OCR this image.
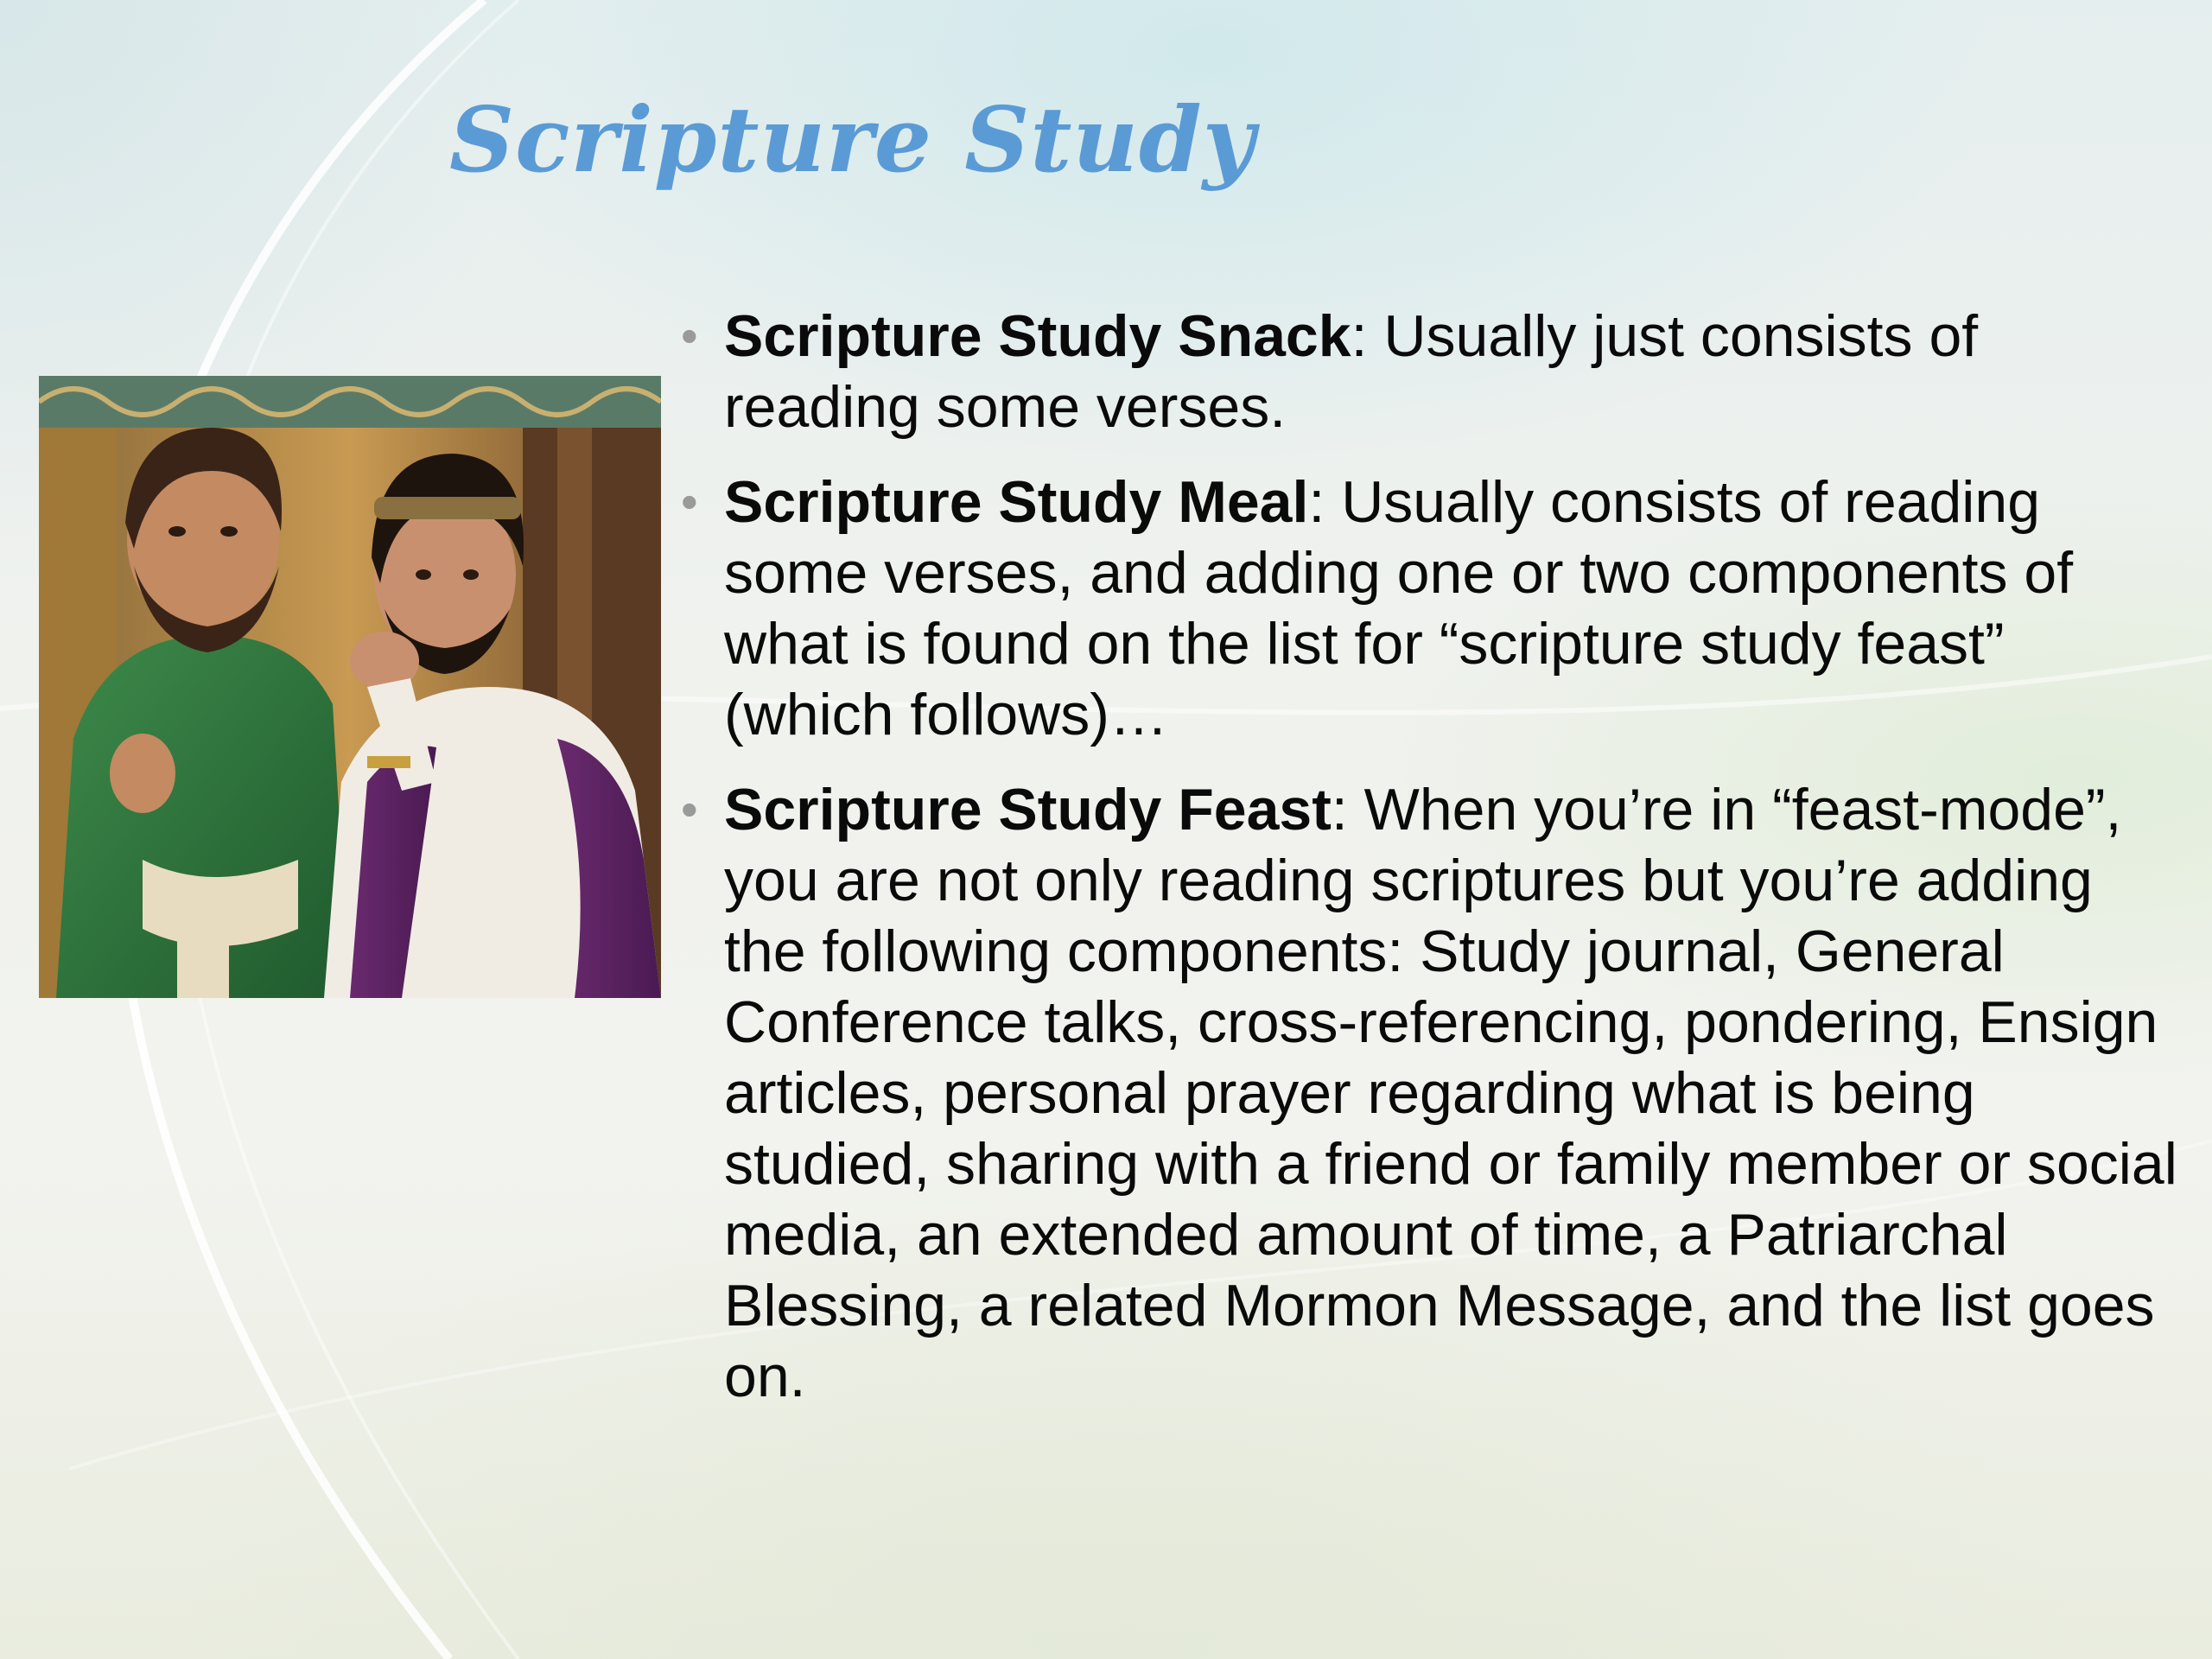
Scripture Study
• Scripture Study Snack: Usually just consists of reading some verses.
• Scripture Study Meal: Usually consists of reading some verses, and adding one or two components of what is found on the list for “scripture study feast” (which follows)…
• Scripture Study Feast: When you’re in “feast-mode”, you are not only reading scriptures but you’re adding the following components: Study journal, General Conference talks, cross-referencing, pondering, Ensign articles, personal prayer regarding what is being studied, sharing with a friend or family member or social media, an extended amount of time, a Patriarchal Blessing, a related Mormon Message, and the list goes on.
